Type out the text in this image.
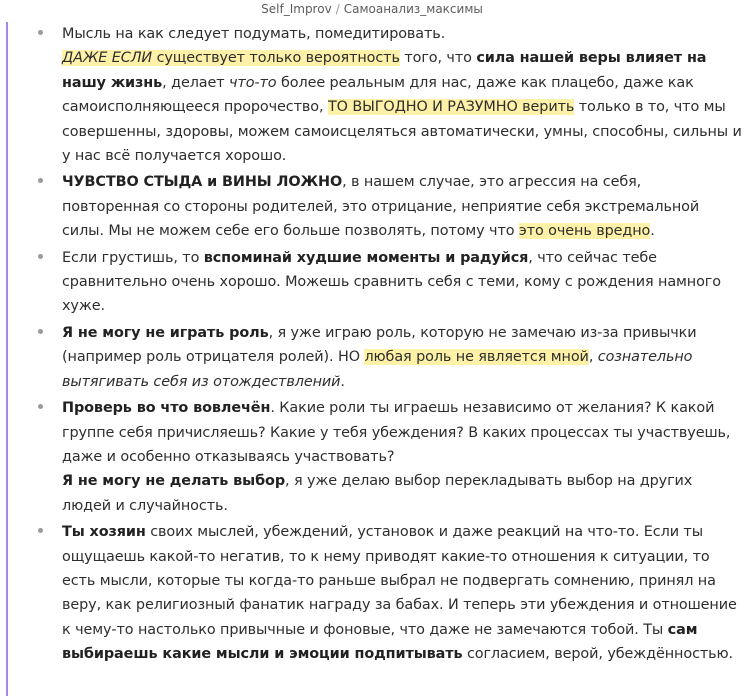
Self_Improv / Самоанализ_максимы

Мысль на как следует подумать, помедитировать.

ДАЖЕ ЕСЛИ существует только вероятность того, что сила нашей веры влияет на нашу жизнь, делает что-то более реальным для нас, даже как плацебо, даже как самоисполняющееся пророчество, ТО ВЫГОДНО И РАЗУМНО верить только в то, что мы совершенны, здоровы, можем самоисцеляться автоматически, умны, способны, сильны и у нас всё получается хорошо.

ЧУВСТВО СТЫДА и ВИНЫ ЛОЖНО, в нашем случае, это агрессия на себя, повторенная со стороны родителей, это отрицание, неприятие себя экстремальной силы. Мы не можем себе его больше позволять, потому что это очень вредно.

Если грустишь, то вспоминай худшие моменты и радуйся, что сейчас тебе сравнительно очень хорошо. Можешь сравнить себя с теми, кому с рождения намного хуже.

Я не могу не играть роль, я уже играю роль, которую не замечаю из-за привычки (например роль отрицателя ролей). НО любая роль не является мной, сознательно вытягивать себя из отождествлений.

Проверь во что вовлечён. Какие роли ты играешь независимо от желания? К какой группе себя причисляешь? Какие у тебя убеждения? В каких процессах ты участвуешь, даже и особенно отказываясь участвовать?

Я не могу не делать выбор, я уже делаю выбор перекладывать выбор на других людей и случайность.

Ты хозяин своих мыслей, убеждений, установок и даже реакций на что-то. Если ты ощущаешь какой-то негатив, то к нему приводят какие-то отношения к ситуации, то есть мысли, которые ты когда-то раньше выбрал не подвергать сомнению, принял на веру, как религиозный фанатик награду за бабах. И теперь эти убеждения и отношение к чему-то настолько привычные и фоновые, что даже не замечаются тобой. Ты сам выбираешь какие мысли и эмоции подпитывать согласием, верой, убеждённостью.
